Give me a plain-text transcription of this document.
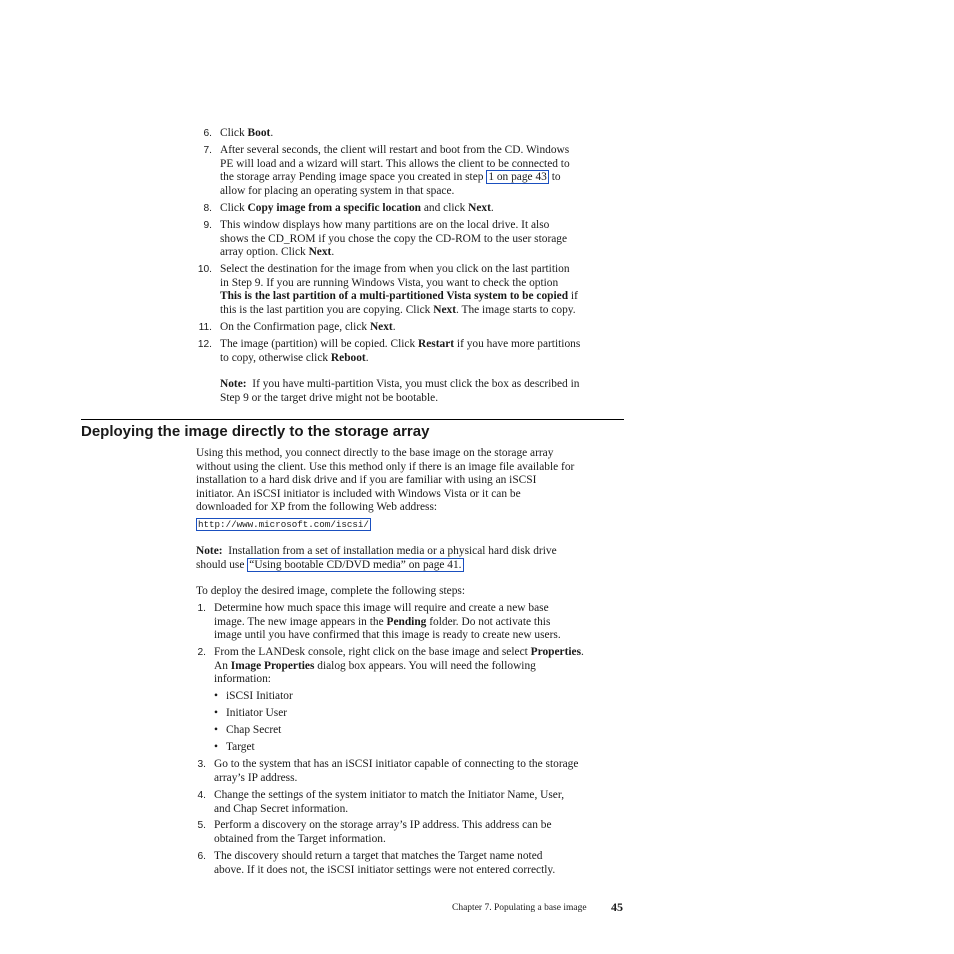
6. Click Boot.
7. After several seconds, the client will restart and boot from the CD. Windows
PE will load and a wizard will start. This allows the client to be connected to
the storage array Pending image space you created in step 1 on page 43 to
allow for placing an operating system in that space.
8. Click Copy image from a specific location and click Next.
9. This window displays how many partitions are on the local drive. It also
shows the CD_ROM if you chose the copy the CD-ROM to the user storage
array option. Click Next.
10. Select the destination for the image from when you click on the last partition
in Step 9. If you are running Windows Vista, you want to check the option
This is the last partition of a multi-partitioned Vista system to be copied if
this is the last partition you are copying. Click Next. The image starts to copy.
11. On the Confirmation page, click Next.
12. The image (partition) will be copied. Click Restart if you have more partitions
to copy, otherwise click Reboot.
Note:  If you have multi-partition Vista, you must click the box as described in
Step 9 or the target drive might not be bootable.
Deploying the image directly to the storage array
Using this method, you connect directly to the base image on the storage array
without using the client. Use this method only if there is an image file available for
installation to a hard disk drive and if you are familiar with using an iSCSI
initiator. An iSCSI initiator is included with Windows Vista or it can be
downloaded for XP from the following Web address:
http://www.microsoft.com/iscsi/
Note: Installation from a set of installation media or a physical hard disk drive
should use “Using bootable CD/DVD media” on page 41.
To deploy the desired image, complete the following steps:
1. Determine how much space this image will require and create a new base
image. The new image appears in the Pending folder. Do not activate this
image until you have confirmed that this image is ready to create new users.
2. From the LANDesk console, right click on the base image and select Properties.
An Image Properties dialog box appears. You will need the following
information:
3. Go to the system that has an iSCSI initiator capable of connecting to the storage
array’s IP address.
4. Change the settings of the system initiator to match the Initiator Name, User,
and Chap Secret information.
5. Perform a discovery on the storage array’s IP address. This address can be
obtained from the Target information.
6. The discovery should return a target that matches the Target name noted
above. If it does not, the iSCSI initiator settings were not entered correctly.
• iSCSI Initiator
• Initiator User
• Chap Secret
• Target
Chapter 7. Populating a base image 45
